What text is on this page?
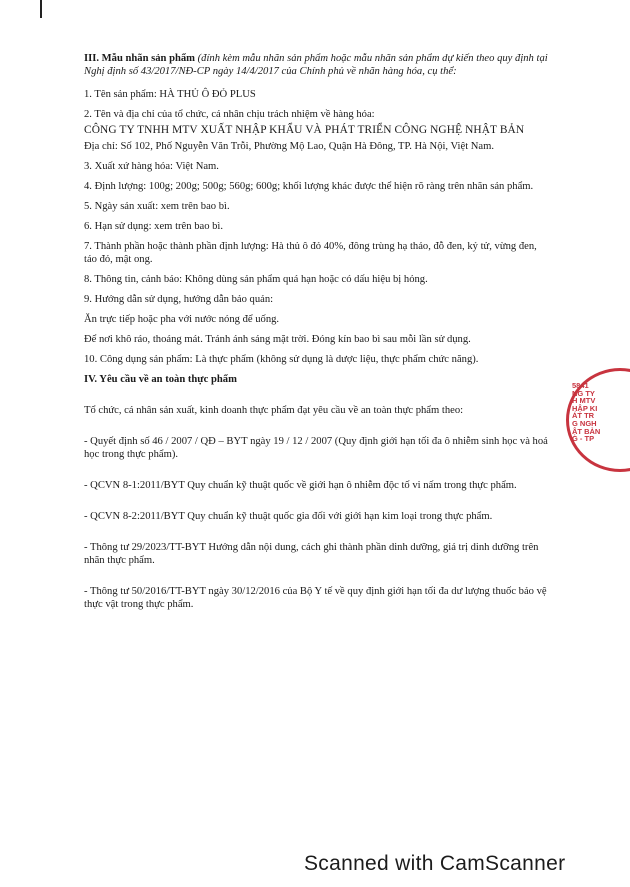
III. Mẫu nhãn sản phẩm (đính kèm mẫu nhãn sản phẩm hoặc mẫu nhãn sản phẩm dự kiến theo quy định tại Nghị định số 43/2017/NĐ-CP ngày 14/4/2017 của Chính phủ về nhãn hàng hóa, cụ thể:

1. Tên sản phẩm: HÀ THỦ Ô ĐỎ PLUS

2. Tên và địa chỉ của tổ chức, cá nhân chịu trách nhiệm về hàng hóa:

CÔNG TY TNHH MTV XUẤT NHẬP KHẨU VÀ PHÁT TRIỂN CÔNG NGHỆ NHẬT BẢN

Địa chỉ: Số 102, Phố Nguyễn Văn Trỗi, Phường Mộ Lao, Quận Hà Đông, TP. Hà Nội, Việt Nam.

3. Xuất xứ hàng hóa: Việt Nam.

4. Định lượng: 100g; 200g; 500g; 560g; 600g; khối lượng khác được thể hiện rõ ràng trên nhãn sản phẩm.

5. Ngày sản xuất: xem trên bao bì.

6. Hạn sử dụng: xem trên bao bì.

7. Thành phần hoặc thành phần định lượng: Hà thủ ô đỏ 40%, đông trùng hạ thảo, đỗ đen, kỷ tử, vừng đen, táo đỏ, mật ong.

8. Thông tin, cảnh báo: Không dùng sản phẩm quá hạn hoặc có dấu hiệu bị hỏng.

9. Hướng dẫn sử dụng, hướng dẫn bảo quản:

Ăn trực tiếp hoặc pha với nước nóng để uống.

Để nơi khô ráo, thoáng mát. Tránh ánh sáng mặt trời. Đóng kín bao bì sau mỗi lần sử dụng.

10. Công dụng sản phẩm: Là thực phẩm (không sử dụng là dược liệu, thực phẩm chức năng).

IV. Yêu cầu về an toàn thực phẩm

Tổ chức, cá nhân sản xuất, kinh doanh thực phẩm đạt yêu cầu về an toàn thực phẩm theo:

- Quyết định số 46 / 2007 / QĐ – BYT ngày 19 / 12 / 2007 (Quy định giới hạn tối đa ô nhiễm sinh học và hoá học trong thực phẩm).

- QCVN 8-1:2011/BYT Quy chuẩn kỹ thuật quốc về giới hạn ô nhiễm độc tố vi nấm trong thực phẩm.

- QCVN 8-2:2011/BYT Quy chuẩn kỹ thuật quốc gia đối với giới hạn kim loại trong thực phẩm.

- Thông tư 29/2023/TT-BYT Hướng dẫn nội dung, cách ghi thành phần dinh dưỡng, giá trị dinh dưỡng trên nhãn thực phẩm.

- Thông tư 50/2016/TT-BYT ngày 30/12/2016 của Bộ Y tế về quy định giới hạn tối đa dư lượng thuốc bảo vệ thực vật trong thực phẩm.

5841
NG TY
H MTV
HẬP KI
ÁT TR
G NGH
ẬT BẢN
G - TP
Scanned with CamScanner
